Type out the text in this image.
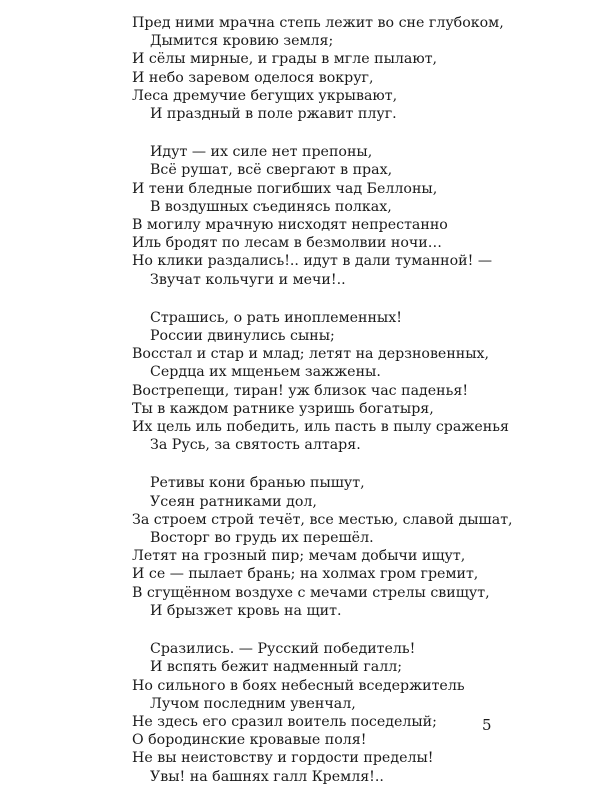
Пред ними мрачна степь лежит во сне глубоком,
Дымится кровию земля;
И сёлы мирные, и грады в мгле пылают,
И небо заревом оделося вокруг,
Леса дремучие бегущих укрывают,
И праздный в поле ржавит плуг.
Идут — их силе нет препоны,
Всё рушат, всё свергают в прах,
И тени бледные погибших чад Беллоны,
В воздушных съединясь полках,
В могилу мрачную нисходят непрестанно
Иль бродят по лесам в безмолвии ночи…
Но клики раздались!.. идут в дали туманной! —
Звучат кольчуги и мечи!..
Страшись, о рать иноплеменных!
России двинулись сыны;
Восстал и стар и млад; летят на дерзновенных,
Сердца их мщеньем зажжены.
Вострепещи, тиран! уж близок час паденья!
Ты в каждом ратнике узришь богатыря,
Их цель иль победить, иль пасть в пылу сраженья
За Русь, за святость алтаря.
Ретивы кони бранью пышут,
Усеян ратниками дол,
За строем строй течёт, все местью, славой дышат,
Восторг во грудь их перешёл.
Летят на грозный пир; мечам добычи ищут,
И се — пылает брань; на холмах гром гремит,
В сгущённом воздухе с мечами стрелы свищут,
И брызжет кровь на щит.
Сразились. — Русский победитель!
И вспять бежит надменный галл;
Но сильного в боях небесный вседержитель
Лучом последним увенчал,
Не здесь его сразил воитель поседелый;
О бородинские кровавые поля!
Не вы неистовству и гордости пределы!
Увы! на башнях галл Кремля!..
5
